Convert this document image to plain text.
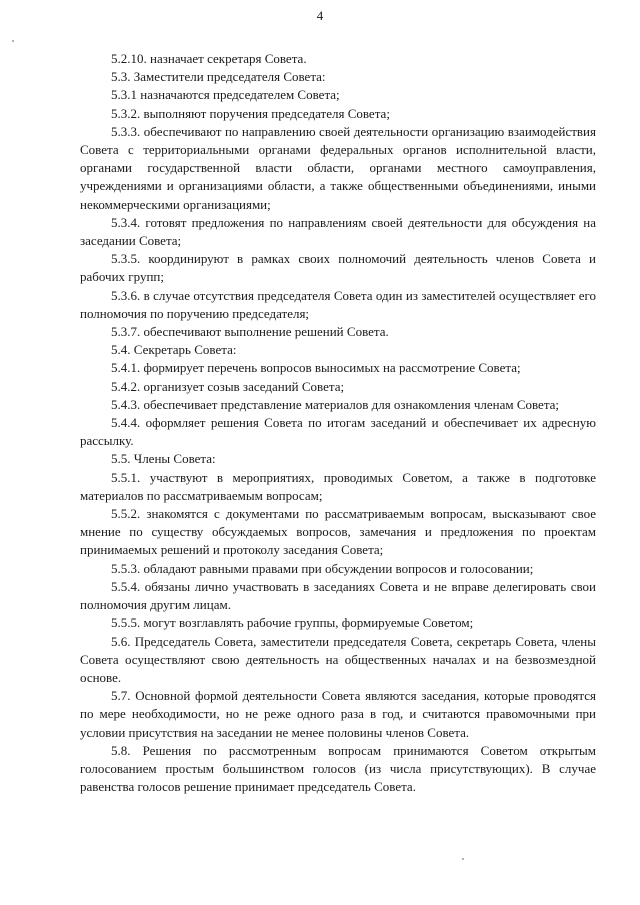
4

5.2.10. назначает секретаря Совета.

5.3. Заместители председателя Совета:

5.3.1 назначаются председателем Совета;

5.3.2. выполняют поручения председателя Совета;

5.3.3. обеспечивают по направлению своей деятельности организацию взаимодействия Совета с территориальными органами федеральных органов исполнительной власти, органами государственной власти области, органами местного самоуправления, учреждениями и организациями области, а также общественными объединениями, иными некоммерческими организациями;

5.3.4. готовят предложения по направлениям своей деятельности для обсуждения на заседании Совета;

5.3.5. координируют в рамках своих полномочий деятельность членов Совета и рабочих групп;

5.3.6. в случае отсутствия председателя Совета один из заместителей осуществляет его полномочия по поручению председателя;

5.3.7. обеспечивают выполнение решений Совета.

5.4. Секретарь Совета:

5.4.1. формирует перечень вопросов выносимых на рассмотрение Совета;

5.4.2. организует созыв заседаний Совета;

5.4.3. обеспечивает представление материалов для ознакомления членам Совета;

5.4.4. оформляет решения Совета по итогам заседаний и обеспечивает их адресную рассылку.

5.5. Члены Совета:

5.5.1. участвуют в мероприятиях, проводимых Советом, а также в подготовке материалов по рассматриваемым вопросам;

5.5.2. знакомятся с документами по рассматриваемым вопросам, высказывают свое мнение по существу обсуждаемых вопросов, замечания и предложения по проектам принимаемых решений и протоколу заседания Совета;

5.5.3. обладают равными правами при обсуждении вопросов и голосовании;

5.5.4. обязаны лично участвовать в заседаниях Совета и не вправе делегировать свои полномочия другим лицам.

5.5.5. могут возглавлять рабочие группы, формируемые Советом;

5.6. Председатель Совета, заместители председателя Совета, секретарь Совета, члены Совета осуществляют свою деятельность на общественных началах и на безвозмездной основе.

5.7. Основной формой деятельности Совета являются заседания, которые проводятся по мере необходимости, но не реже одного раза в год, и считаются правомочными при условии присутствия на заседании не менее половины членов Совета.

5.8. Решения по рассмотренным вопросам принимаются Советом открытым голосованием простым большинством голосов (из числа присутствующих). В случае равенства голосов решение принимает председатель Совета.
